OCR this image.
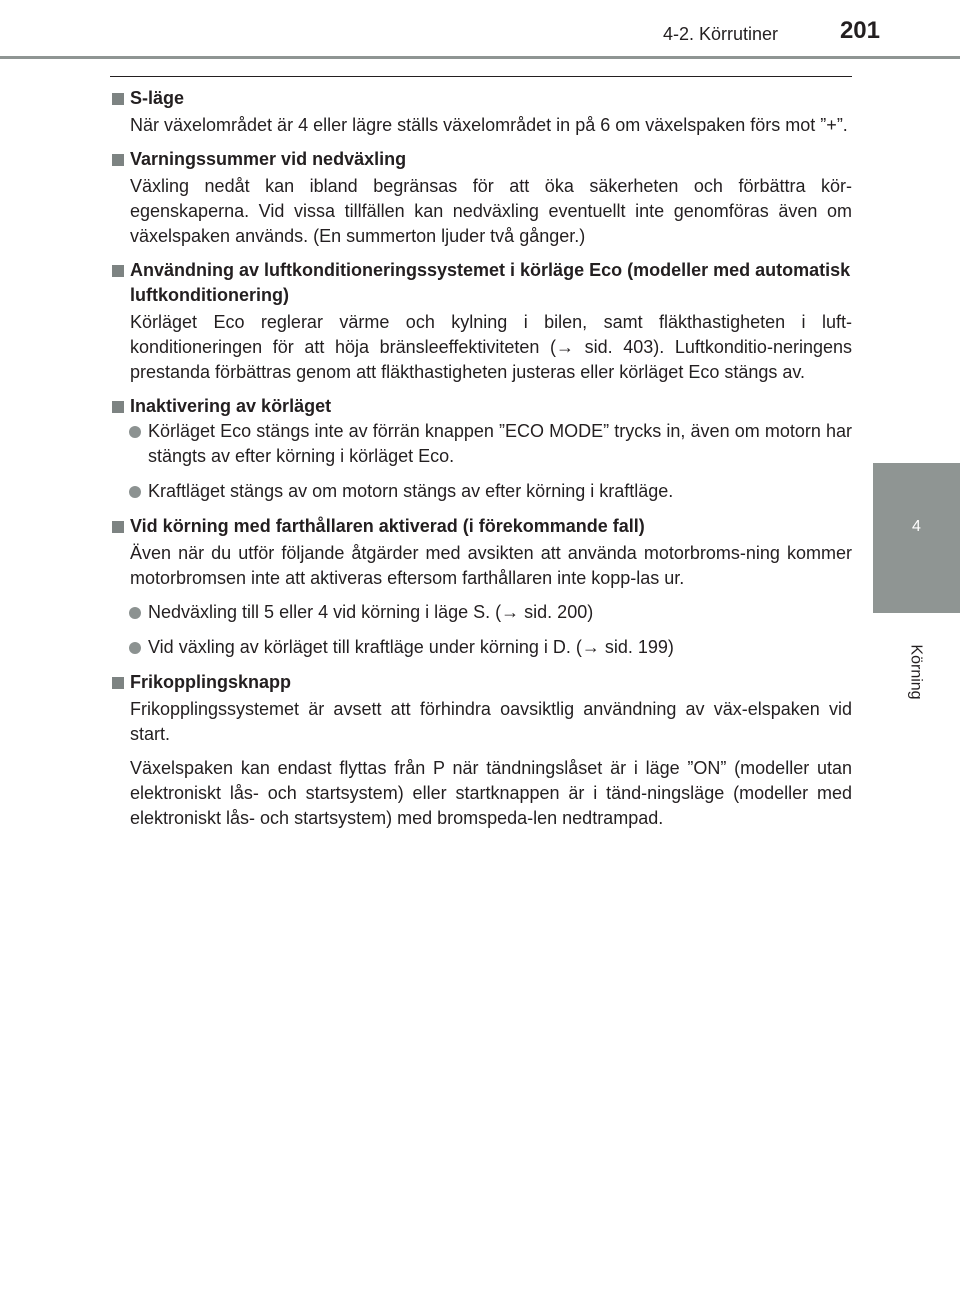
4-2. Körrutiner	201
4
Körning
S-läge

När växelområdet är 4 eller lägre ställs växelområdet in på 6 om växelspaken förs mot ”+”.

Varningssummer vid nedväxling

Växling nedåt kan ibland begränsas för att öka säkerheten och förbättra kör-egenskaperna. Vid vissa tillfällen kan nedväxling eventuellt inte genomföras även om växelspaken används. (En summerton ljuder två gånger.)

Användning av luftkonditioneringssystemet i körläge Eco (modeller med automatisk luftkonditionering)

Körläget Eco reglerar värme och kylning i bilen, samt fläkthastigheten i luft-konditioneringen för att höja bränsleeffektiviteten (→ sid. 403). Luftkonditio-neringens prestanda förbättras genom att fläkthastigheten justeras eller körläget Eco stängs av.

Inaktivering av körläget

Körläget Eco stängs inte av förrän knappen ”ECO MODE” trycks in, även om motorn har stängts av efter körning i körläget Eco.

Kraftläget stängs av om motorn stängs av efter körning i kraftläge.

Vid körning med farthållaren aktiverad (i förekommande fall)

Även när du utför följande åtgärder med avsikten att använda motorbroms-ning kommer motorbromsen inte att aktiveras eftersom farthållaren inte kopp-las ur.

Nedväxling till 5 eller 4 vid körning i läge S. (→ sid. 200)

Vid växling av körläget till kraftläge under körning i D. (→ sid. 199)

Frikopplingsknapp

Frikopplingssystemet är avsett att förhindra oavsiktlig användning av väx-elspaken vid start.

Växelspaken kan endast flyttas från P när tändningslåset är i läge ”ON” (modeller utan elektroniskt lås- och startsystem) eller startknappen är i tänd-ningsläge (modeller med elektroniskt lås- och startsystem) med bromspeda-len nedtrampad.
